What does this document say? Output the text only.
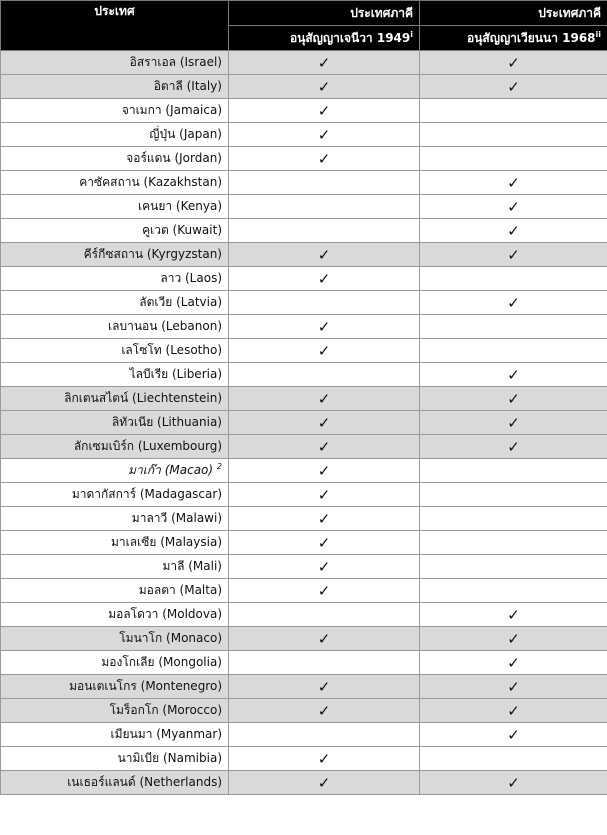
ประเทศ	ประเทศภาคี	ประเทศภาคี
	อนุสัญญาเจนีวา 1949$^i$	อนุสัญญาเวียนนา 1968$^{ii}$
อิสราเอล (Israel)	✓	✓
อิตาลี (Italy)	✓	✓
จาเมกา (Jamaica)	✓	
ญี่ปุ่น (Japan)	✓	
จอร์แดน (Jordan)	✓	
คาซัคสถาน (Kazakhstan)		✓
เคนยา (Kenya)		✓
คูเวต (Kuwait)		✓
คีร์กีซสถาน (Kyrgyzstan)	✓	✓
ลาว (Laos)	✓	
ลัตเวีย (Latvia)		✓
เลบานอน (Lebanon)	✓	
เลโซโท (Lesotho)	✓	
ไลบีเรีย (Liberia)		✓
ลิกเตนสไตน์ (Liechtenstein)	✓	✓
ลิทัวเนีย (Lithuania)	✓	✓
ลักเซมเบิร์ก (Luxembourg)	✓	✓
มาเก๊า (Macao) $^2$	✓	
มาดากัสการ์ (Madagascar)	✓	
มาลาวี (Malawi)	✓	
มาเลเซีย (Malaysia)	✓	
มาลี (Mali)	✓	
มอลตา (Malta)	✓	
มอลโดวา (Moldova)		✓
โมนาโก (Monaco)	✓	✓
มองโกเลีย (Mongolia)		✓
มอนเตเนโกร (Montenegro)	✓	✓
โมร็อกโก (Morocco)	✓	✓
เมียนมา (Myanmar)		✓
นามิเบีย (Namibia)	✓	
เนเธอร์แลนด์ (Netherlands)	✓	✓
